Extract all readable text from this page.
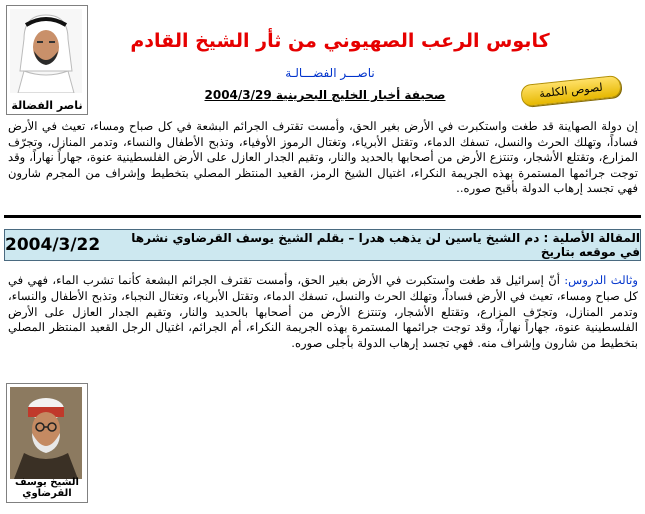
ناصر الفضالة
كابوس الرعب الصهيوني من ثأر الشيخ القادم
ناصـــر الفضـــالـة
صحيفة أخبار الخليج البحرينية 2004/3/29	لصوص الكلمة
إن دولة الصهاينة قد طغت واستكبرت في الأرض بغير الحق، وأمست تقترف الجرائم البشعة في كل صباح ومساء، تعيث في الأرض فساداً، وتهلك الحرث والنسل، تسفك الدماء، وتقتل الأبرياء، وتغتال الرموز الأوفياء، وتذبح الأطفال والنساء، وتدمر المنازل، وتجرّف المزارع، وتقتلع الأشجار، وتنتزع الأرض من أصحابها بالحديد والنار، وتقيم الجدار العازل على الأرض الفلسطينية عنوة، جهاراً نهاراً، وقد توجت جرائمها المستمرة بهذه الجريمة النكراء، اغتيال الشيخ الرمز، القعيد المنتظر المصلي بتخطيط وإشراف من المجرم شارون فهي تجسد إرهاب الدولة بأقبح صوره..
المقالة الأصلية : دم الشيخ ياسين لن يذهب هدرا – بقلم الشيخ يوسف القرضاوي نشرها في موقعه بتاريخ
2004/3/22
وثالث الدروس: أنّ إسرائيل قد طغت واستكبرت في الأرض بغير الحق، وأمست تقترف الجرائم البشعة كأنما تشرب الماء، فهي في كل صباح ومساء، تعيث في الأرض فساداً، وتهلك الحرث والنسل، تسفك الدماء، وتقتل الأبرياء، وتغتال النجباء، وتذبح الأطفال والنساء، وتدمر المنازل، وتجرّف المزارع، وتقتلع الأشجار، وتنتزع الأرض من أصحابها بالحديد والنار، وتقيم الجدار العازل على الأرض الفلسطينية عنوة، جهاراً نهاراً، وقد توجت جرائمها المستمرة بهذه الجريمة النكراء، أم الجرائم، اغتيال الرجل القعيد المنتظر المصلي بتخطيط من شارون وإشراف منه. فهي تجسد إرهاب الدولة بأجلى صوره.
الشيخ يوسف القرضاوي
